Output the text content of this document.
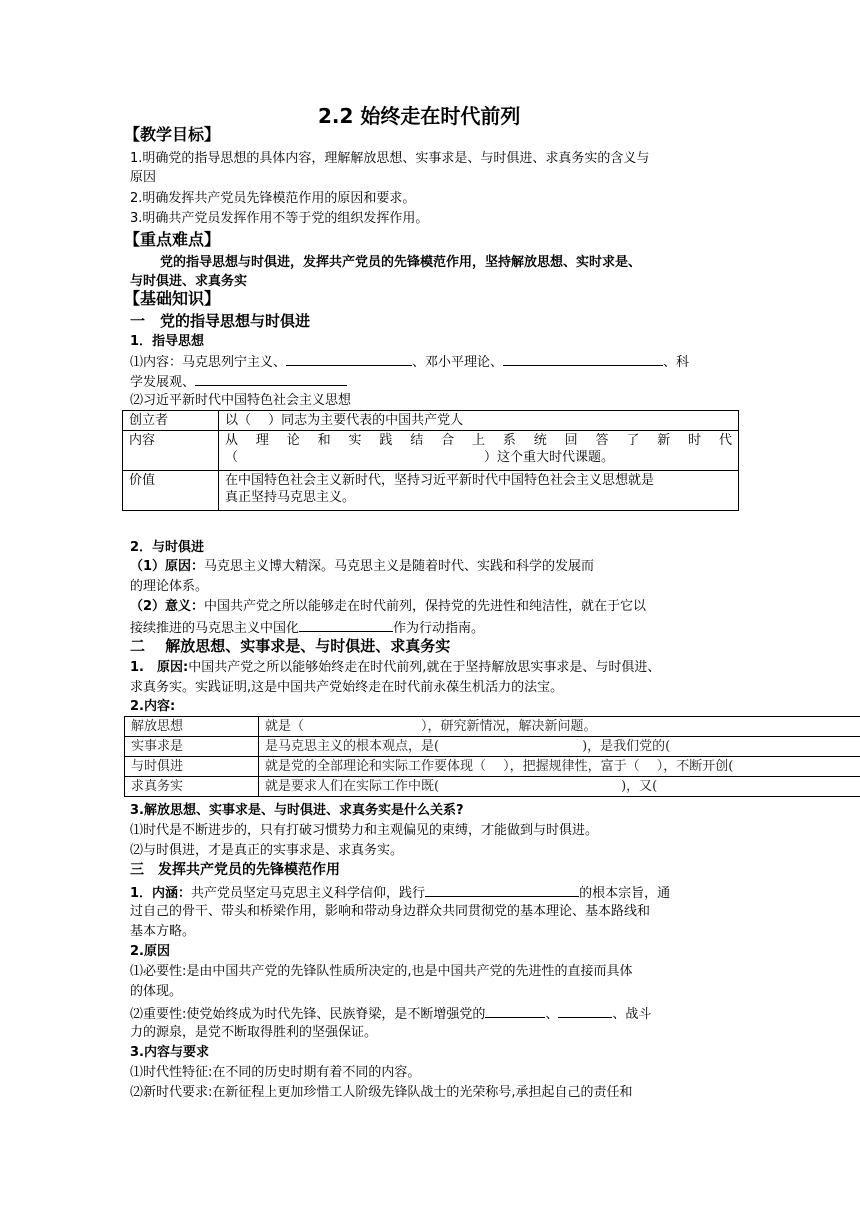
2.2 始终走在时代前列
【教学目标】
1.明确党的指导思想的具体内容，理解解放思想、实事求是、与时俱进、求真务实的含义与
原因
2.明确发挥共产党员先锋模范作用的原因和要求。
3.明确共产党员发挥作用不等于党的组织发挥作用。
【重点难点】
党的指导思想与时俱进，发挥共产党员的先锋模范作用，坚持解放思想、实时求是、
与时俱进、求真务实
【基础知识】
一　党的指导思想与时俱进
1．指导思想
⑴内容：马克思列宁主义、	、邓小平理论、	、科
学发展观、
⑵习近平新时代中国特色社会主义思想
创立者	以（　 ）同志为主要代表的中国共产党人
内容	从理论和实践结合上系统回答了新时代
（ ）这个重大时代课题。

价值	在中国特色社会主义新时代，坚持习近平新时代中国特色社会主义思想就是
真正坚持马克思主义。
2．与时俱进
（1）原因：马克思主义博大精深。马克思主义是随着时代、实践和科学的发展而
的理论体系。
（2）意义：中国共产党之所以能够走在时代前列，保持党的先进性和纯洁性，就在于它以
接续推进的马克思主义中国化	作为行动指南。
二　 解放思想、实事求是、与时俱进、求真务实
1.　原因:中国共产党之所以能够始终走在时代前列,就在于坚持解放思实事求是、与时俱进、
求真务实。实践证明,这是中国共产党始终走在时代前永葆生机活力的法宝。
2.内容:
解放思想	就是（　　　　　　　　　），研究新情况，解决新问题。
实事求是	是马克思主义的根本观点，是(　　　　　　　　　　　)，是我们党的(
与时俱进	就是党的全部理论和实际工作要体现（　 ），把握规律性，富于（　 ），不断开创(
求真务实	就是要求人们在实际工作中既(　　　　　　　　　　　　　　)，又(
3.解放思想、实事求是、与时俱进、求真务实是什么关系?
⑴时代是不断进步的，只有打破习惯势力和主观偏见的束缚，才能做到与时俱进。
⑵与时俱进，才是真正的实事求是、求真务实。
三　发挥共产党员的先锋模范作用
1．内涵：共产党员坚定马克思主义科学信仰，践行	的根本宗旨，通
过自己的骨干、带头和桥梁作用，影响和带动身边群众共同贯彻党的基本理论、基本路线和
基本方略。
2.原因
⑴必要性:是由中国共产党的先锋队性质所决定的,也是中国共产党的先进性的直接而具体
的体现。
⑵重要性:使党始终成为时代先锋、民族脊梁，是不断增强党的	、	、战斗
力的源泉，是党不断取得胜利的坚强保证。
3.内容与要求
⑴时代性特征:在不同的历史时期有着不同的内容。
⑵新时代要求:在新征程上更加珍惜工人阶级先锋队战士的光荣称号,承担起自己的责任和
